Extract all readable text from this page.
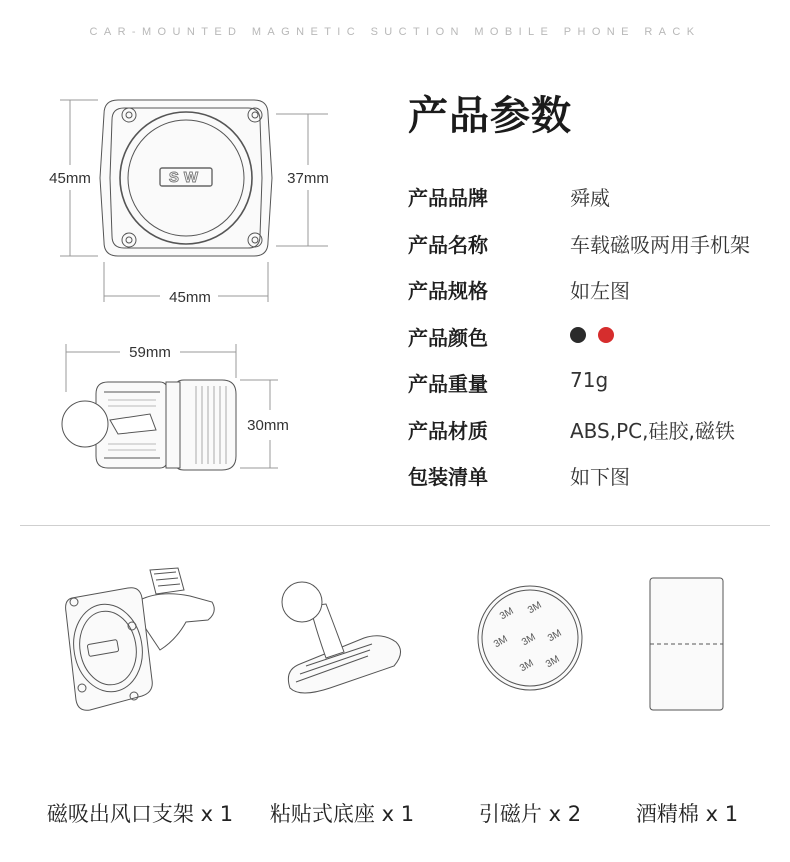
CAR-MOUNTED MAGNETIC SUCTION MOBILE PHONE RACK
SW
45mm	37mm
45mm
59mm
30mm
产品参数
产品品牌	舜威
产品名称	车载磁吸两用手机架
产品规格	如左图
产品颜色
产品重量	71g
产品材质	ABS,PC,硅胶,磁铁
包装清单	如下图
3M 3M
3M 3M 3M
3M 3M
磁吸出风口支架 x 1 粘贴式底座 x 1	引磁片 x 2	酒精棉 x 1
